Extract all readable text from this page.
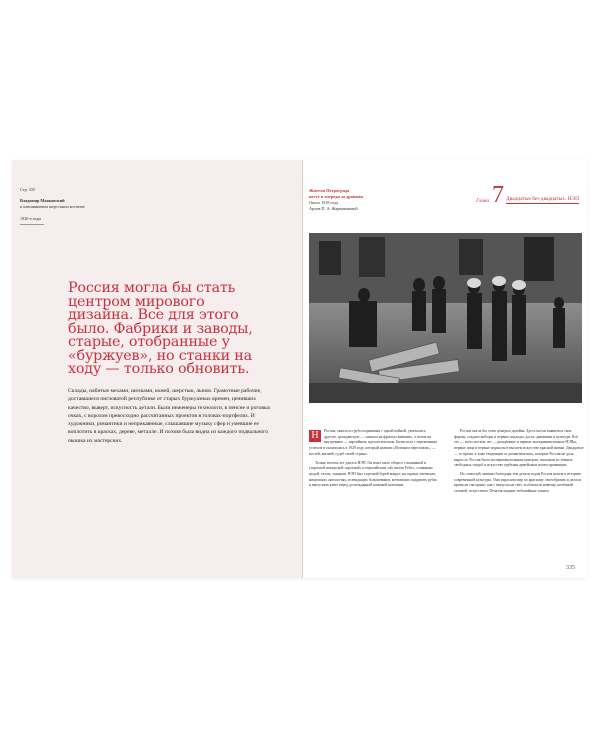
Стр. 335
Владимир Маяковский
в алюминиевом шерстяном костюме
1920-е годы

Россия могла бы стать центром мирового дизайна. Все для этого было. Фабрики и заводы, старые, отобранные у «буржуев», но станки на ходу — только обновить.

Склады, набитые мехами, шелками, кожей, шерстью, льном. Грамотные рабочие, доставшиеся пигловатой республике от старых буржуазных времен, ценивших качество, выверт, искусность детали. Были инженеры технологи, в пенсне и роговых очках, с ворохом превосходно рассчитанных проектов в головах-портфелях. И художники, романтики и неприкаянные, слышавшие музыку сфер и умевшие ее воплотить в красках, дереве, металле. И поэзия была видна из каждого подвального окошка их мастерских.

Жители Петрограда
несут в очереди за дровами
Около 1918 года
Архив П. А. Жарковиковой
Глава 7 Двадцатые без двадцатых. НЭП

Н	Россия, тяжело и грубо поднявшая с одной войной, увлекалась другую, гражданскую — сначала на фронтах внешних, а потом на внутренних — партийном, идеологическом. Битва шла с переменным успехом и окончилась в 1929 году, который назвали «Великим переломом», — костей, жизней, судеб своей страны.

Только восемь лет длился НЭП. Он имел мало общего с вышивкой и узорчатой имперской «кроеной» и европейским «du ancien Felix», славными модой, телом, танцами. НЭП был торговой бурей вокруг, на горных латеньках, нищенских антологиях, всевидящих большевиков, мечтавших подорвать рубль и выпускать ключ перед долгожданной наживой новошин.

Россия могла бы стать центром дизайна. Здесь могли появиться свои формы, создано выборы и первые подходы, досье, движения и культура. Всё это — всего восемь лет — рождённые и первые экспериментальные HЭПы, первые лица и первые журналы в высшем искусстве красной жизни. Двадцатые — то время, в тоже тенденции от романтических, которых Россия не дала выросла. Россия была экспериментальным центром, пыльным из тёмных свободных свадьб и искусство грубыми армейским полем провинции.

Но, пожалуй, именно благодаря тем десяти годам Россия вошла в историю современной культуры. Они украсили мир по красному своеобразию и делали время не так прямо, как с выпуска на свет, и обличали новизну, нелётный силовой, искусством. Печатая модные тобытийные записи.

335
